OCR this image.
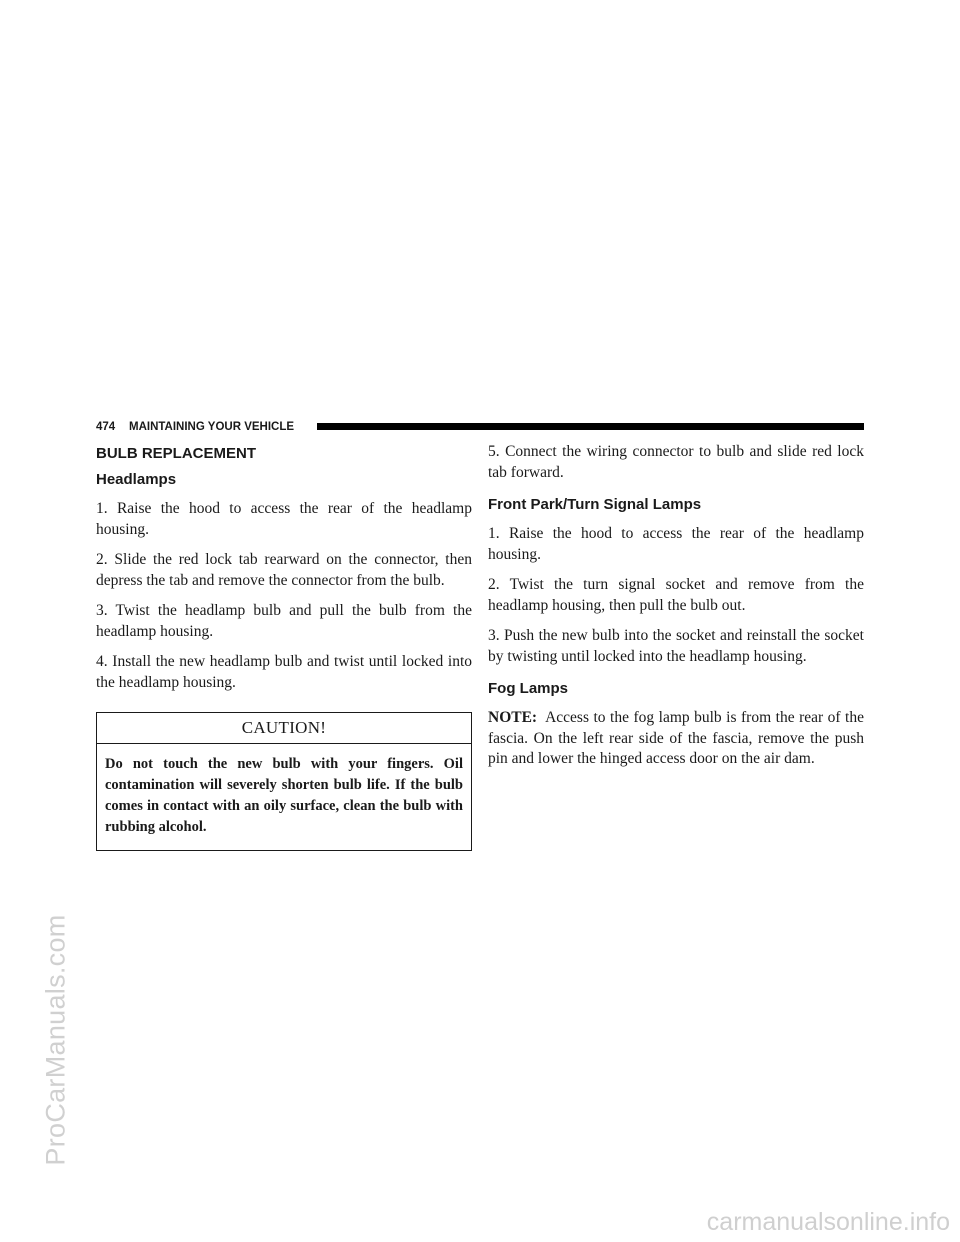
ProCarManuals.com
474 MAINTAINING YOUR VEHICLE
BULB REPLACEMENT
Headlamps

1. Raise the hood to access the rear of the headlamp housing.

2. Slide the red lock tab rearward on the connector, then depress the tab and remove the connector from the bulb.

3. Twist the headlamp bulb and pull the bulb from the headlamp housing.

4. Install the new headlamp bulb and twist until locked into the headlamp housing.

CAUTION!
Do not touch the new bulb with your fingers. Oil contamination will severely shorten bulb life. If the bulb comes in contact with an oily surface, clean the bulb with rubbing alcohol.

5. Connect the wiring connector to bulb and slide red lock tab forward.

Front Park/Turn Signal Lamps

1. Raise the hood to access the rear of the headlamp housing.

2. Twist the turn signal socket and remove from the headlamp housing, then pull the bulb out.

3. Push the new bulb into the socket and reinstall the socket by twisting until locked into the headlamp housing.

Fog Lamps

NOTE: Access to the fog lamp bulb is from the rear of the fascia. On the left rear side of the fascia, remove the push pin and lower the hinged access door on the air dam.

carmanualsonline.info
